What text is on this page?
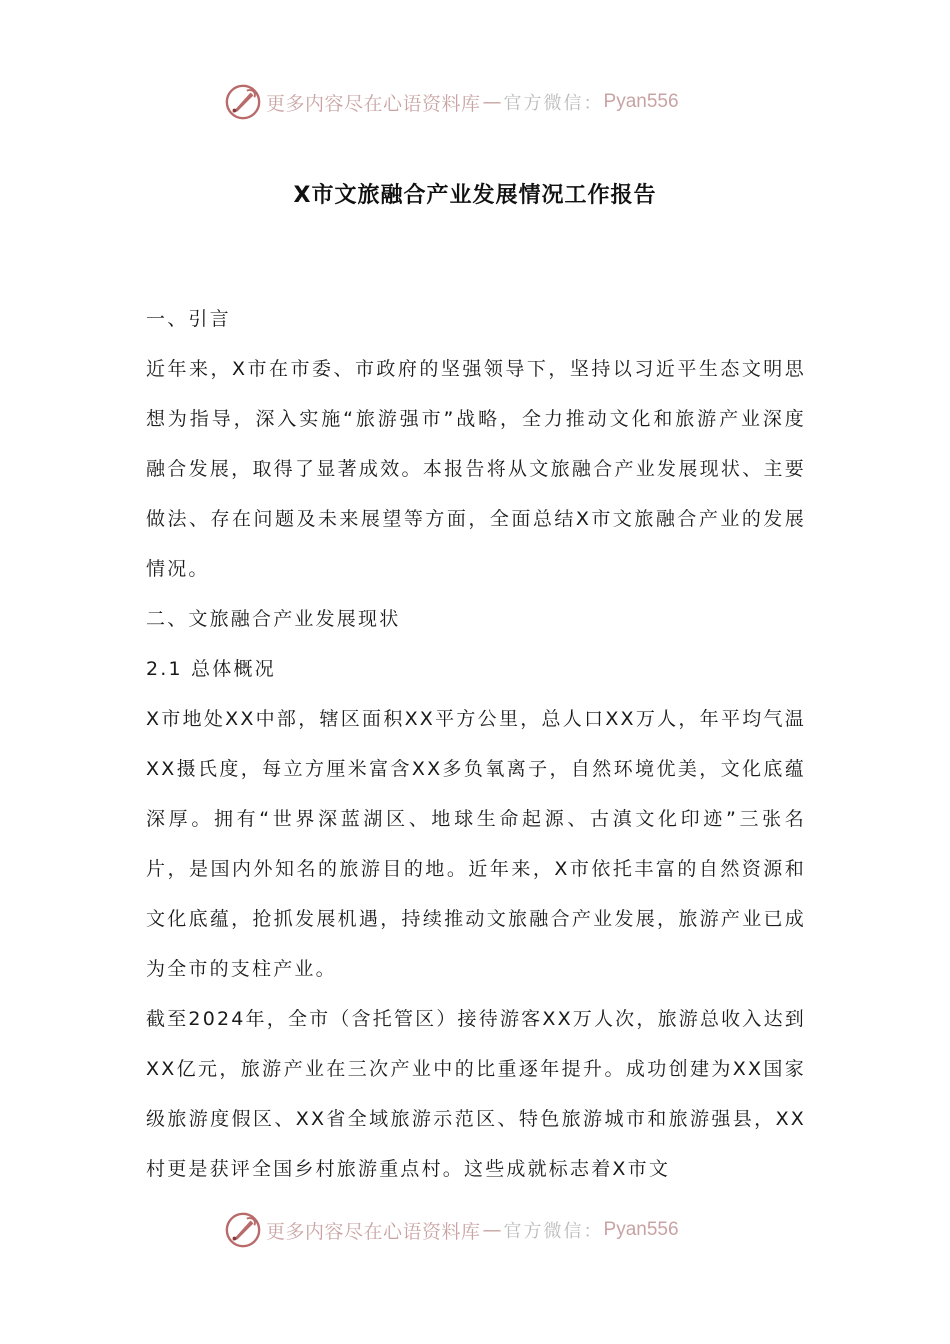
更多内容尽在心语资料库 — 官方微信： Pyan556
X市文旅融合产业发展情况工作报告

一、引言

近年来，X市在市委、市政府的坚强领导下，坚持以习近平生态文明思想为指导，深入实施“旅游强市”战略，全力推动文化和旅游产业深度融合发展，取得了显著成效。本报告将从文旅融合产业发展现状、主要做法、存在问题及未来展望等方面，全面总结X市文旅融合产业的发展情况。

二、文旅融合产业发展现状

2.1 总体概况

X市地处XX中部，辖区面积XX平方公里，总人口XX万人，年平均气温XX摄氏度，每立方厘米富含XX多负氧离子，自然环境优美，文化底蕴深厚。拥有“世界深蓝湖区、地球生命起源、古滇文化印迹”三张名片，是国内外知名的旅游目的地。近年来，X市依托丰富的自然资源和文化底蕴，抢抓发展机遇，持续推动文旅融合产业发展，旅游产业已成为全市的支柱产业。

截至2024年，全市（含托管区）接待游客XX万人次，旅游总收入达到XX亿元，旅游产业在三次产业中的比重逐年提升。成功创建为XX国家级旅游度假区、XX省全域旅游示范区、特色旅游城市和旅游强县，XX村更是获评全国乡村旅游重点村。这些成就标志着X市文

更多内容尽在心语资料库 — 官方微信： Pyan556
